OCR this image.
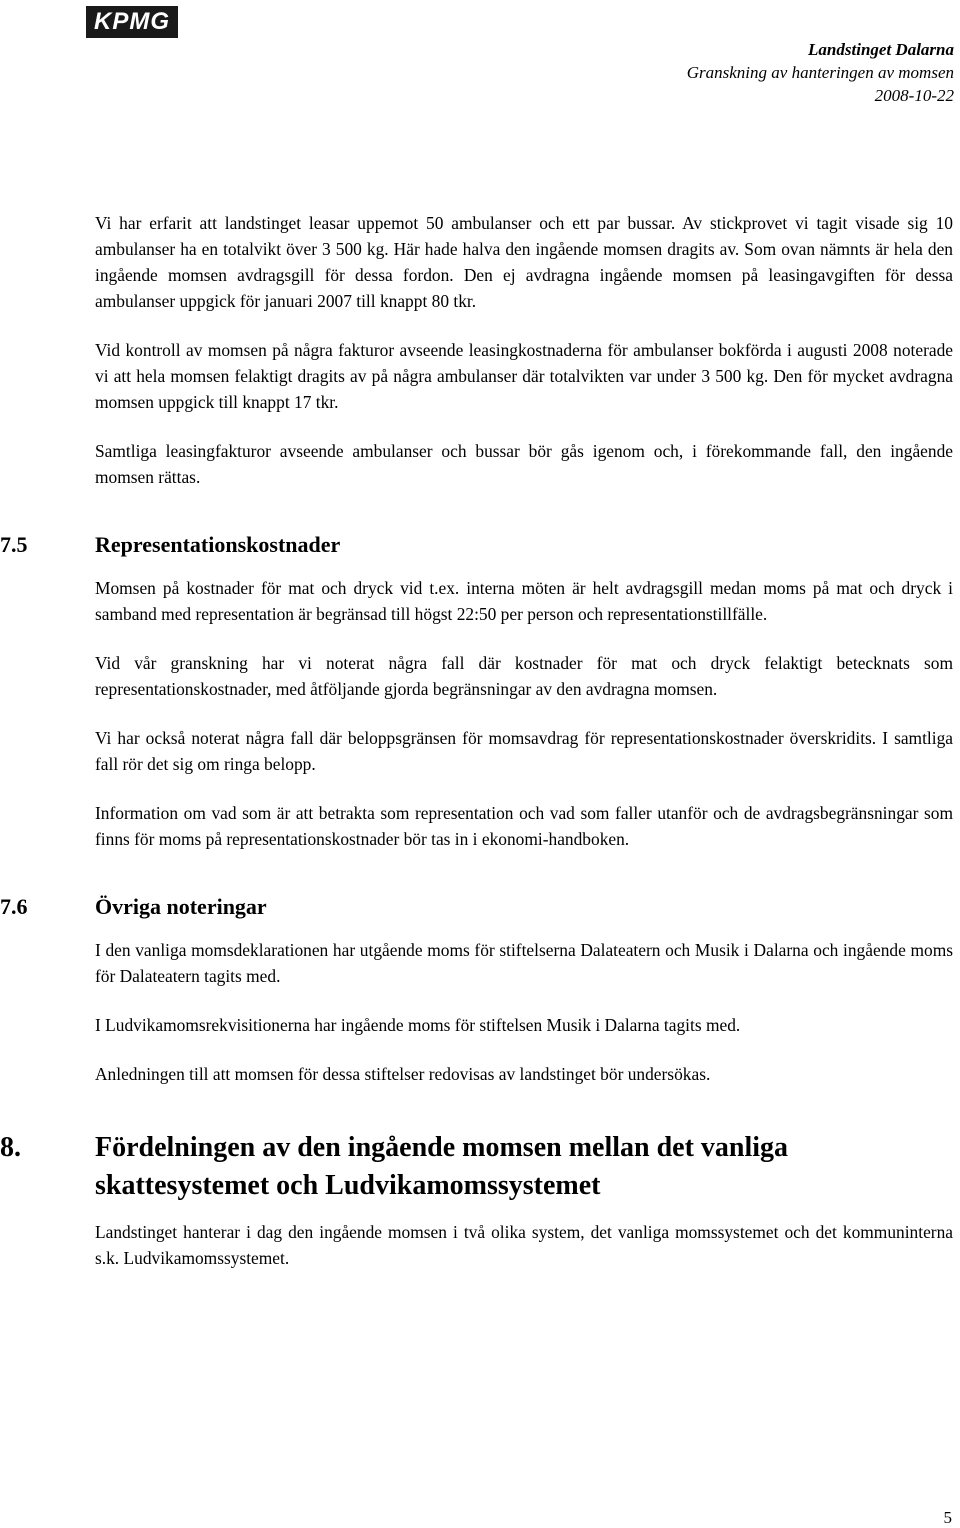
KPMG
Landstinget Dalarna
Granskning av hanteringen av momsen
2008-10-22

Vi har erfarit att landstinget leasar uppemot 50 ambulanser och ett par bussar. Av stickprovet vi tagit visade sig 10 ambulanser ha en totalvikt över 3 500 kg. Här hade halva den ingående momsen dragits av. Som ovan nämnts är hela den ingående momsen avdragsgill för dessa fordon. Den ej avdragna ingående momsen på leasingavgiften för dessa ambulanser uppgick för januari 2007 till knappt 80 tkr.

Vid kontroll av momsen på några fakturor avseende leasingkostnaderna för ambulanser bokförda i augusti 2008 noterade vi att hela momsen felaktigt dragits av på några ambulanser där totalvikten var under 3 500 kg. Den för mycket avdragna momsen uppgick till knappt 17 tkr.

Samtliga leasingfakturor avseende ambulanser och bussar bör gås igenom och, i förekommande fall, den ingående momsen rättas.

7.5	Representationskostnader

Momsen på kostnader för mat och dryck vid t.ex. interna möten är helt avdragsgill medan moms på mat och dryck i samband med representation är begränsad till högst 22:50 per person och representationstillfälle.

Vid vår granskning har vi noterat några fall där kostnader för mat och dryck felaktigt betecknats som representationskostnader, med åtföljande gjorda begränsningar av den avdragna momsen.

Vi har också noterat några fall där beloppsgränsen för momsavdrag för representationskostnader överskridits. I samtliga fall rör det sig om ringa belopp.

Information om vad som är att betrakta som representation och vad som faller utanför och de avdragsbegränsningar som finns för moms på representationskostnader bör tas in i ekonomi-handboken.

7.6	Övriga noteringar

I den vanliga momsdeklarationen har utgående moms för stiftelserna Dalateatern och Musik i Dalarna och ingående moms för Dalateatern tagits med.

I Ludvikamomsrekvisitionerna har ingående moms för stiftelsen Musik i Dalarna tagits med.

Anledningen till att momsen för dessa stiftelser redovisas av landstinget bör undersökas.

8.	Fördelningen av den ingående momsen mellan det vanliga skattesystemet och Ludvikamomssystemet

Landstinget hanterar i dag den ingående momsen i två olika system, det vanliga momssystemet och det kommuninterna s.k. Ludvikamomssystemet.

5
